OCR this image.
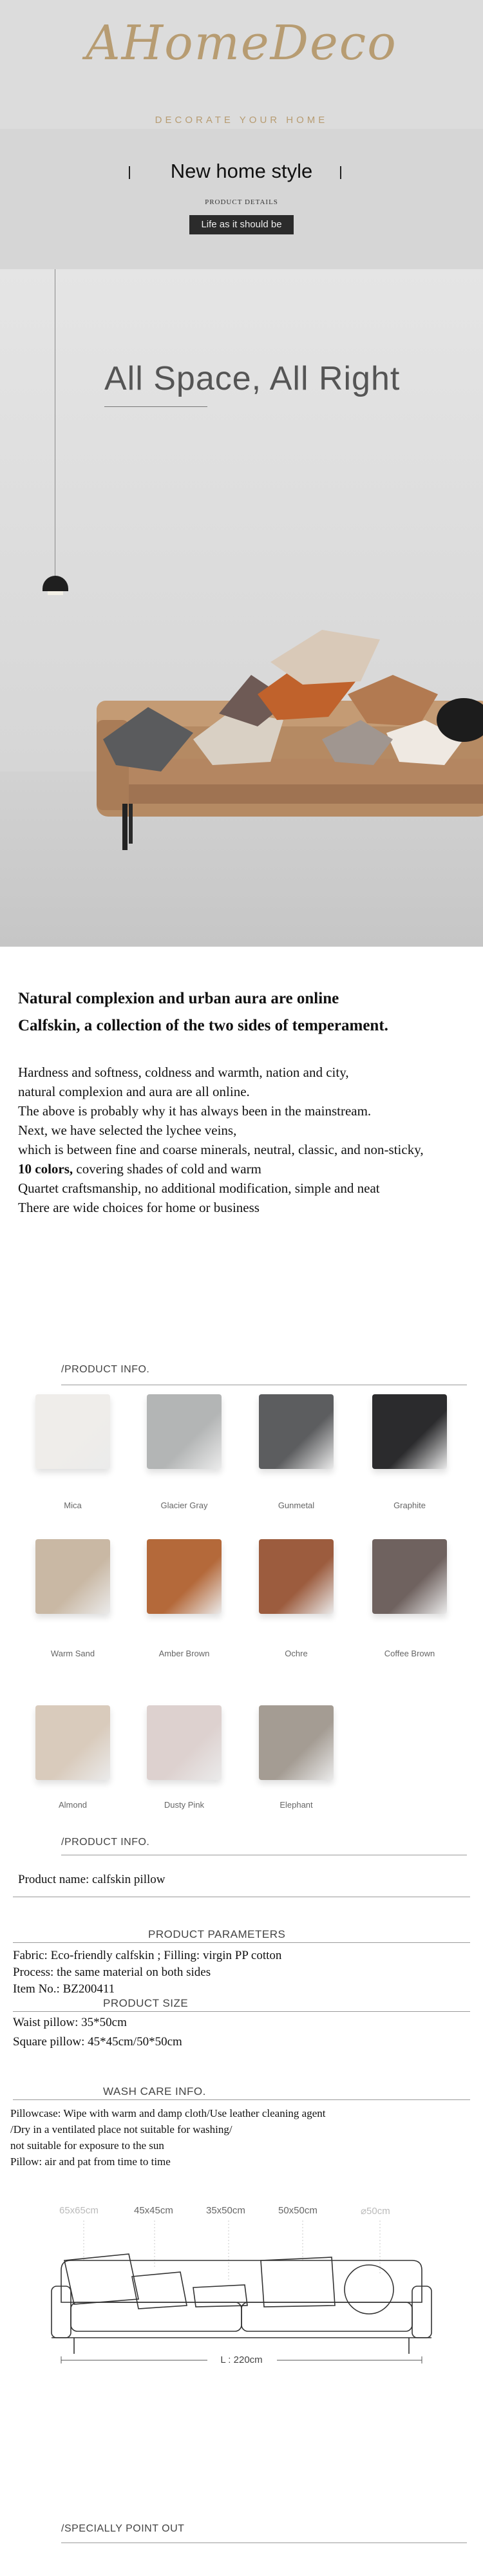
AHomeDeco
DECORATE YOUR HOME
New home style
PRODUCT DETAILS
Life as it should be
All Space, All Right
Natural complexion and urban aura are online
Calfskin, a collection of the two sides of temperament.
Hardness and softness, coldness and warmth, nation and city,
natural complexion and aura are all online.
The above is probably why it has always been in the mainstream.
Next, we have selected the lychee veins,
which is between fine and coarse minerals, neutral, classic, and non-sticky,
10 colors, covering shades of cold and warm
Quartet craftsmanship, no additional modification, simple and neat
There are wide choices for home or business
/PRODUCT INFO.
Mica	Glacier Gray	Gunmetal	Graphite
Warm Sand	Amber Brown	Ochre	Coffee Brown
Almond	Dusty Pink	Elephant
/PRODUCT INFO.
Product name: calfskin pillow
PRODUCT PARAMETERS
Fabric: Eco-friendly calfskin ; Filling: virgin PP cotton
Process: the same material on both sides
Item No.: BZ200411
PRODUCT SIZE
Waist pillow: 35*50cm
Square pillow: 45*45cm/50*50cm
WASH CARE INFO.
Pillowcase: Wipe with warm and damp cloth/Use leather cleaning agent
/Dry in a ventilated place not suitable for washing/
not suitable for exposure to the sun
Pillow: air and pat from time to time
65x65cm	45x45cm	35x50cm	50x50cm	⌀50cm
L : 220cm
/SPECIALLY POINT OUT
